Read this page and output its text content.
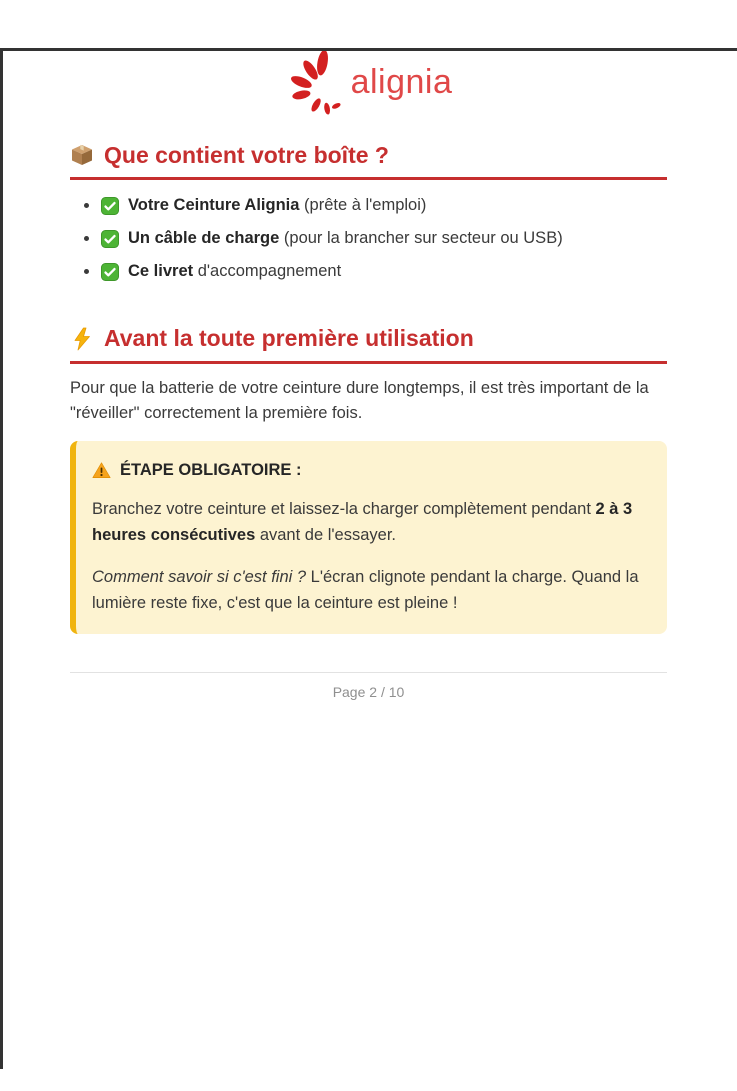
alignia
Que contient votre boîte ?
Votre Ceinture Alignia (prête à l'emploi)
Un câble de charge (pour la brancher sur secteur ou USB)
Ce livret d'accompagnement
Avant la toute première utilisation

Pour que la batterie de votre ceinture dure longtemps, il est très important de la "réveiller" correctement la première fois.

ÉTAPE OBLIGATOIRE :

Branchez votre ceinture et laissez-la charger complètement pendant 2 à 3 heures consécutives avant de l'essayer.

Comment savoir si c'est fini ? L'écran clignote pendant la charge. Quand la lumière reste fixe, c'est que la ceinture est pleine !

Page 2 / 10
